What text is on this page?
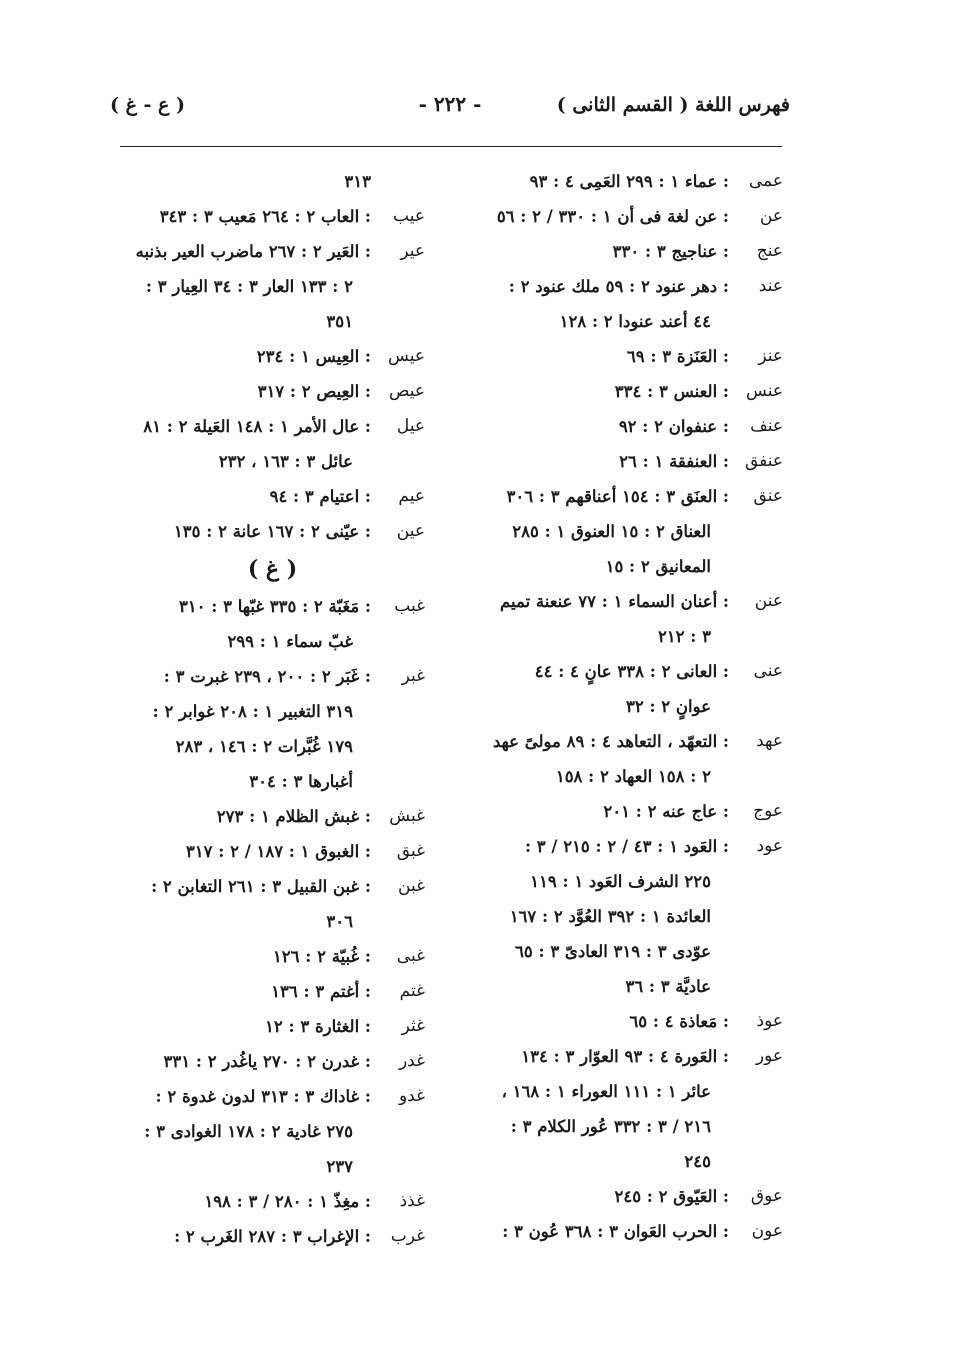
فهرس اللغة ( القسم الثانى )
- ٢٢٢ -
( ع - غ )
عمى
: عماء ١ : ٢٩٩ العَمِى ٤ : ٩٣
عن
: عن لغة فى أن ١ : ٣٣٠ / ٢ : ٥٦
عنج
: عناجيج ٣ : ٣٣٠
عند
: دهر عنود ٢ : ٥٩ ملك عنود ٢ :
٤٤ أعند عنودا ٢ : ١٢٨
عنز
: العَنَزة ٣ : ٦٩
عنس
: العنس ٣ : ٣٣٤
عنف
: عنفوان ٢ : ٩٢
عنفق
: العنفقة ١ : ٢٦
عنق
: العنَق ٣ : ١٥٤ أعناقهم ٣ : ٣٠٦
العناق ٢ : ١٥ العنوق ١ : ٢٨٥
المعانيق ٢ : ١٥
عنن
: أعنان السماء ١ : ٧٧ عنعنة تميم
٣ : ٢١٢
عنى
: العانى ٢ : ٣٣٨ عانٍ ٤ : ٤٤
عوانٍ ٢ : ٣٢
عهد
: التعهّد ، التعاهد ٤ : ٨٩ مولىً عهد
٢ : ١٥٨ العهاد ٢ : ١٥٨
عوج
: عاج عنه ٢ : ٢٠١
عود
: العَود ١ : ٤٣ / ٢ : ٢١٥ / ٣ :
٢٢٥ الشرف العَود ١ : ١١٩
العائدة ١ : ٣٩٢ العُوَّد ٢ : ١٦٧
عوّدى ٣ : ٣١٩ العادىّ ٣ : ٦٥
عاديَّة ٣ : ٣٦
عوذ
: مَعاذة ٤ : ٦٥
عور
: العَورة ٤ : ٩٣ العوّار ٣ : ١٣٤
عائر ١ : ١١١ العوراء ١ : ١٦٨ ،
٢١٦ / ٣ : ٣٣٢ عُور الكلام ٣ :
٢٤٥
عوق
: العَيّوق ٢ : ٢٤٥
عون
: الحرب العَوان ٣ : ٣٦٨ عُون ٣ :
٣١٣
عيب
: العاب ٢ : ٢٦٤ مَعيب ٣ : ٣٤٣
عير
: العَير ٢ : ٢٦٧ ماضرب العير بذنبه
٢ : ١٣٣ العار ٣ : ٣٤ العِيار ٣ :
٣٥١
عيس
: العِيس ١ : ٢٣٤
عيص
: العِيص ٢ : ٣١٧
عيل
: عال الأمر ١ : ١٤٨ العَيلة ٢ : ٨١
عائل ٣ : ١٦٣ ، ٢٣٢
عيم
: اعتيام ٣ : ٩٤
عين
: عيّنى ٢ : ١٦٧ عانة ٢ : ١٣٥
( غ )
غبب
: مَغَبّة ٢ : ٣٣٥ غبّها ٣ : ٣١٠
غبّ سماء ١ : ٢٩٩
غبر
: غَبَر ٢ : ٢٠٠ ، ٢٣٩ غبرت ٣ :
٣١٩ التغبير ١ : ٢٠٨ غوابر ٢ :
١٧٩ غُبَّرات ٢ : ١٤٦ ، ٢٨٣
أغبارها ٣ : ٣٠٤
غبش
: غبش الظلام ١ : ٢٧٣
غبق
: الغبوق ١ : ١٨٧ / ٢ : ٣١٧
غبن
: غبن القبيل ٣ : ٢٦١ التغابن ٢ :
٣٠٦
غبى
: غُبيّة ٢ : ١٢٦
غتم
: أغتم ٣ : ١٣٦
غثر
: الغثارة ٣ : ١٢
غدر
: غدرن ٢ : ٢٧٠ ياغُدر ٢ : ٣٣١
غدو
: غاداك ٣ : ٣١٣ لدون غدوة ٢ :
٢٧٥ غادية ٢ : ١٧٨ الغوادى ٣ :
٢٣٧
غذذ
: مغِذّ ١ : ٢٨٠ / ٣ : ١٩٨
غرب
: الإغراب ٣ : ٢٨٧ الغَرب ٢ :
